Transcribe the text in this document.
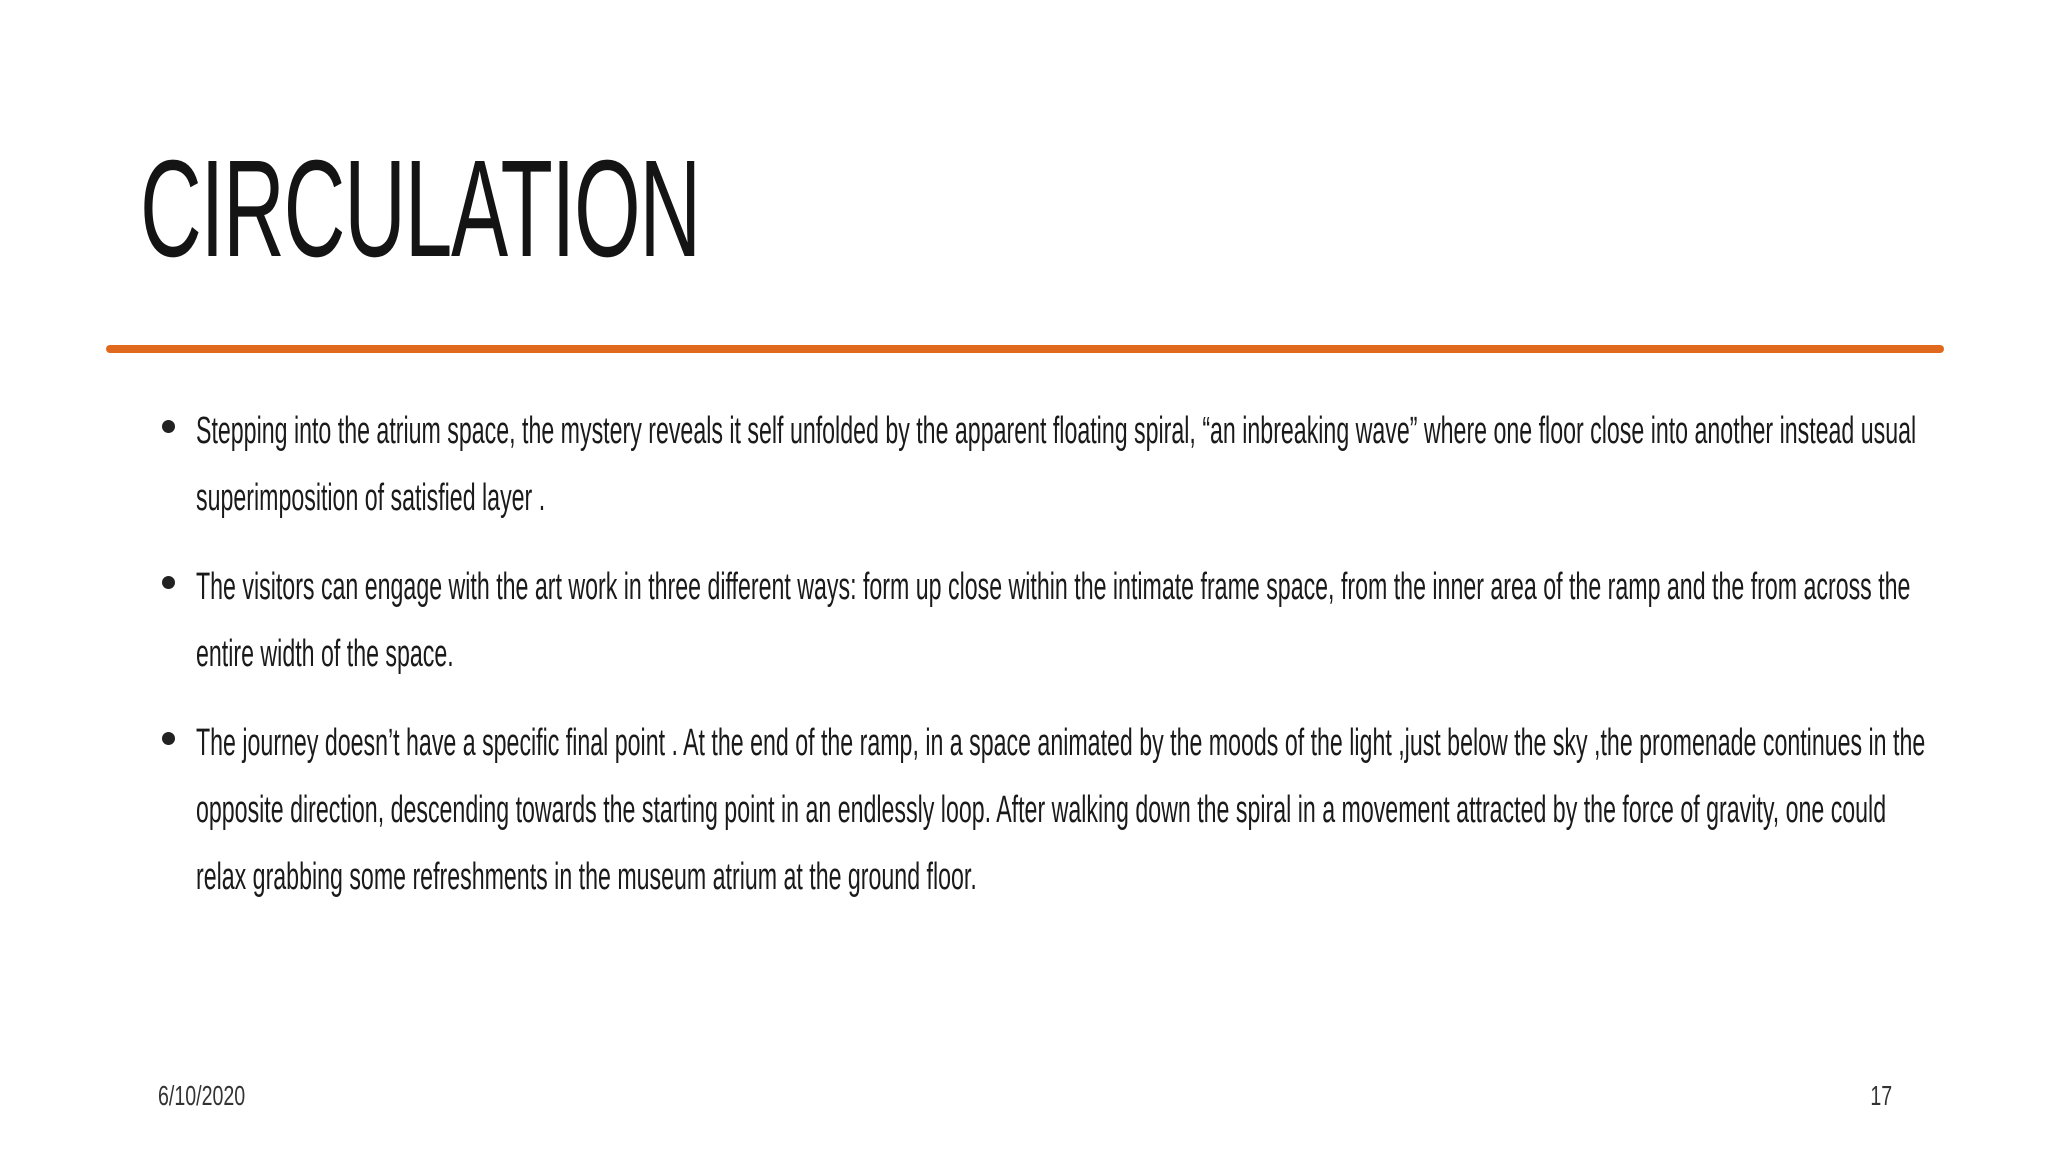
CIRCULATION
Stepping into the atrium space, the mystery reveals it self unfolded by the apparent floating spiral, “an inbreaking wave” where one floor close into another instead usual superimposition of satisfied layer .
The visitors can engage with the art work in three different ways: form up close within the intimate frame space, from the inner area of the ramp and the from across the entire width of the space.
The journey doesn’t have a specific final point . At the end of the ramp, in a space animated by the moods of the light ,just below the sky ,the promenade continues in the opposite direction, descending towards the starting point in an endlessly loop. After walking down the spiral in a movement attracted by the force of gravity, one could relax grabbing some refreshments in the museum atrium at the ground floor.
6/10/2020	17
